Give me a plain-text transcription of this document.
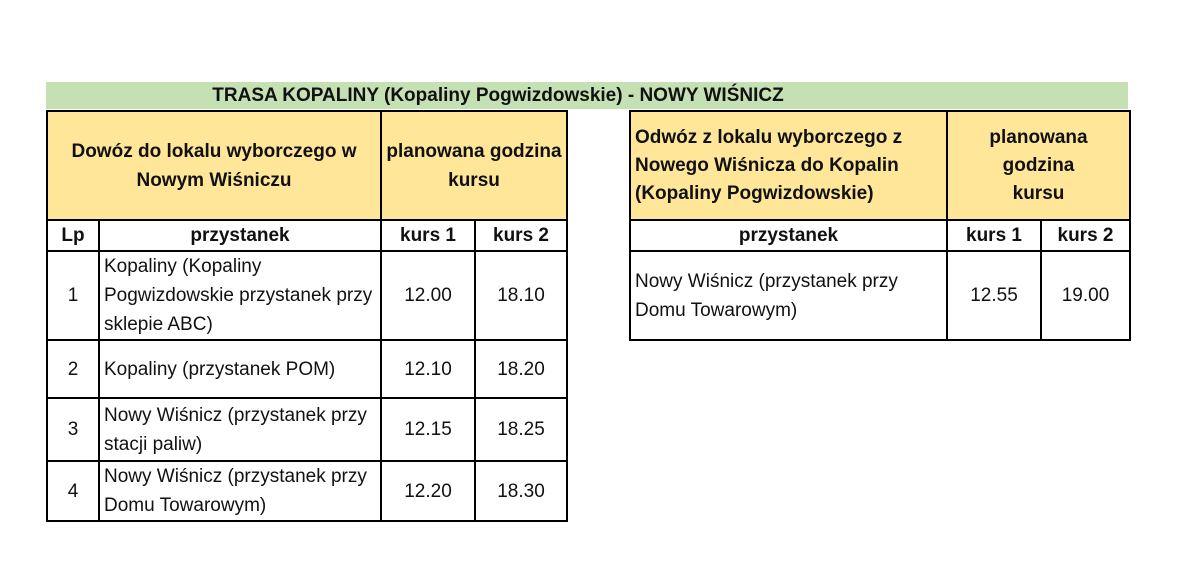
TRASA KOPALINY (Kopaliny Pogwizdowskie) - NOWY WIŚNICZ
Dowóz do lokalu wyborczego w Nowym Wiśniczu		planowana godzina kursu	
Lp	przystanek	kurs 1	kurs 2
1	Kopaliny (Kopaliny Pogwizdowskie przystanek przy sklepie ABC)	12.00	18.10
2	Kopaliny (przystanek POM)	12.10	18.20
3	Nowy Wiśnicz (przystanek przy stacji paliw)	12.15	18.25
4	Nowy Wiśnicz (przystanek przy Domu Towarowym)	12.20	18.30
Odwóz z lokalu wyborczego z Nowego Wiśnicza do Kopalin (Kopaliny Pogwizdowskie)	planowana godzina kursu	
przystanek	kurs 1	kurs 2
Nowy Wiśnicz (przystanek przy Domu Towarowym)	12.55	19.00
